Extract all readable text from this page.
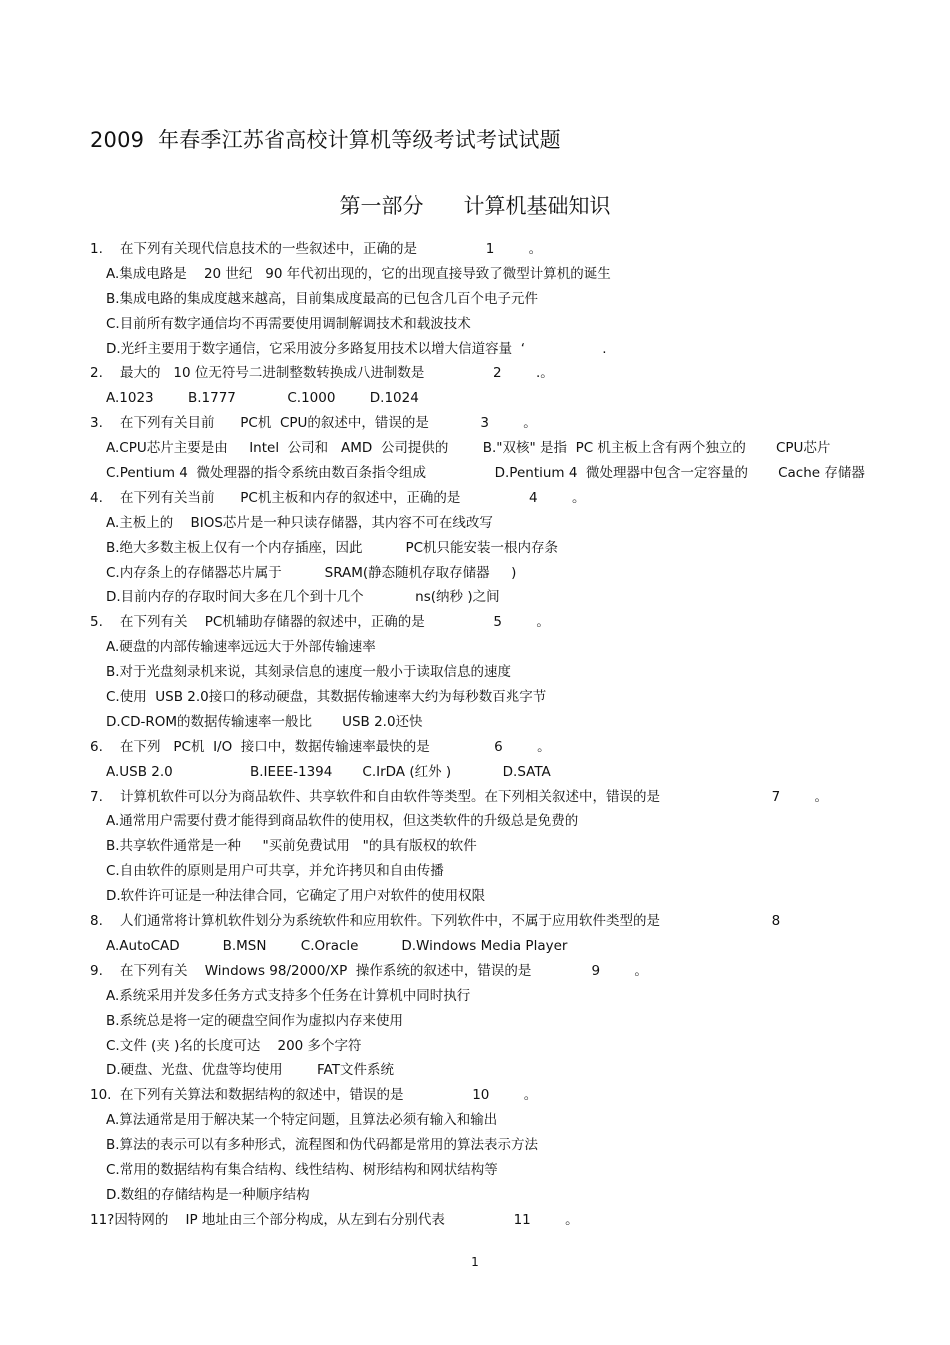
2009  年春季江苏省高校计算机等级考试考试试题
第一部分      计算机基础知识
1.    在下列有关现代信息技术的一些叙述中，正确的是                1        。
A.集成电路是    20 世纪   90 年代初出现的，它的出现直接导致了微型计算机的诞生
B.集成电路的集成度越来越高，目前集成度最高的已包含几百个电子元件
C.目前所有数字通信均不再需要使用调制解调技术和载波技术
D.光纤主要用于数字通信，它采用波分多路复用技术以增大信道容量  ‘                  .
2.    最大的   10 位无符号二进制整数转换成八进制数是                2        .。
A.1023        B.1777            C.1000        D.1024
3.    在下列有关目前      PC机  CPU的叙述中，错误的是            3        。
A.CPU芯片主要是由     Intel  公司和   AMD  公司提供的        B."双核" 是指  PC 机主板上含有两个独立的       CPU芯片
C.Pentium 4  微处理器的指令系统由数百条指令组成                D.Pentium 4  微处理器中包含一定容量的       Cache 存储器
4.    在下列有关当前      PC机主板和内存的叙述中，正确的是                4        。
A.主板上的    BIOS芯片是一种只读存储器，其内容不可在线改写
B.绝大多数主板上仅有一个内存插座，因此          PC机只能安装一根内存条
C.内存条上的存储器芯片属于          SRAM(静态随机存取存储器     )
D.目前内存的存取时间大多在几个到十几个            ns(纳秒 )之间
5.    在下列有关    PC机辅助存储器的叙述中，正确的是                5        。
A.硬盘的内部传输速率远远大于外部传输速率
B.对于光盘刻录机来说，其刻录信息的速度一般小于读取信息的速度
C.使用  USB 2.0接口的移动硬盘，其数据传输速率大约为每秒数百兆字节
D.CD-ROM的数据传输速率一般比       USB 2.0还快
6.    在下列   PC机  I/O  接口中，数据传输速率最快的是               6        。
A.USB 2.0                  B.IEEE-1394       C.IrDA (红外 )            D.SATA
7.    计算机软件可以分为商品软件、共享软件和自由软件等类型。在下列相关叙述中，错误的是                          7        。
A.通常用户需要付费才能得到商品软件的使用权，但这类软件的升级总是免费的
B.共享软件通常是一种     "买前免费试用   "的具有版权的软件
C.自由软件的原则是用户可共享，并允许拷贝和自由传播
D.软件许可证是一种法律合同，它确定了用户对软件的使用权限
8.    人们通常将计算机软件划分为系统软件和应用软件。下列软件中，不属于应用软件类型的是                          8
A.AutoCAD          B.MSN        C.Oracle          D.Windows Media Player
9.    在下列有关    Windows 98/2000/XP  操作系统的叙述中，错误的是              9        。
A.系统采用并发多任务方式支持多个任务在计算机中同时执行
B.系统总是将一定的硬盘空间作为虚拟内存来使用
C.文件 (夹 )名的长度可达    200 多个字符
D.硬盘、光盘、优盘等均使用        FAT文件系统
10.  在下列有关算法和数据结构的叙述中，错误的是                10        。
A.算法通常是用于解决某一个特定问题，且算法必须有输入和输出
B.算法的表示可以有多种形式，流程图和伪代码都是常用的算法表示方法
C.常用的数据结构有集合结构、线性结构、树形结构和网状结构等
D.数组的存储结构是一种顺序结构
11?因特网的    IP 地址由三个部分构成，从左到右分别代表                11        。
1
